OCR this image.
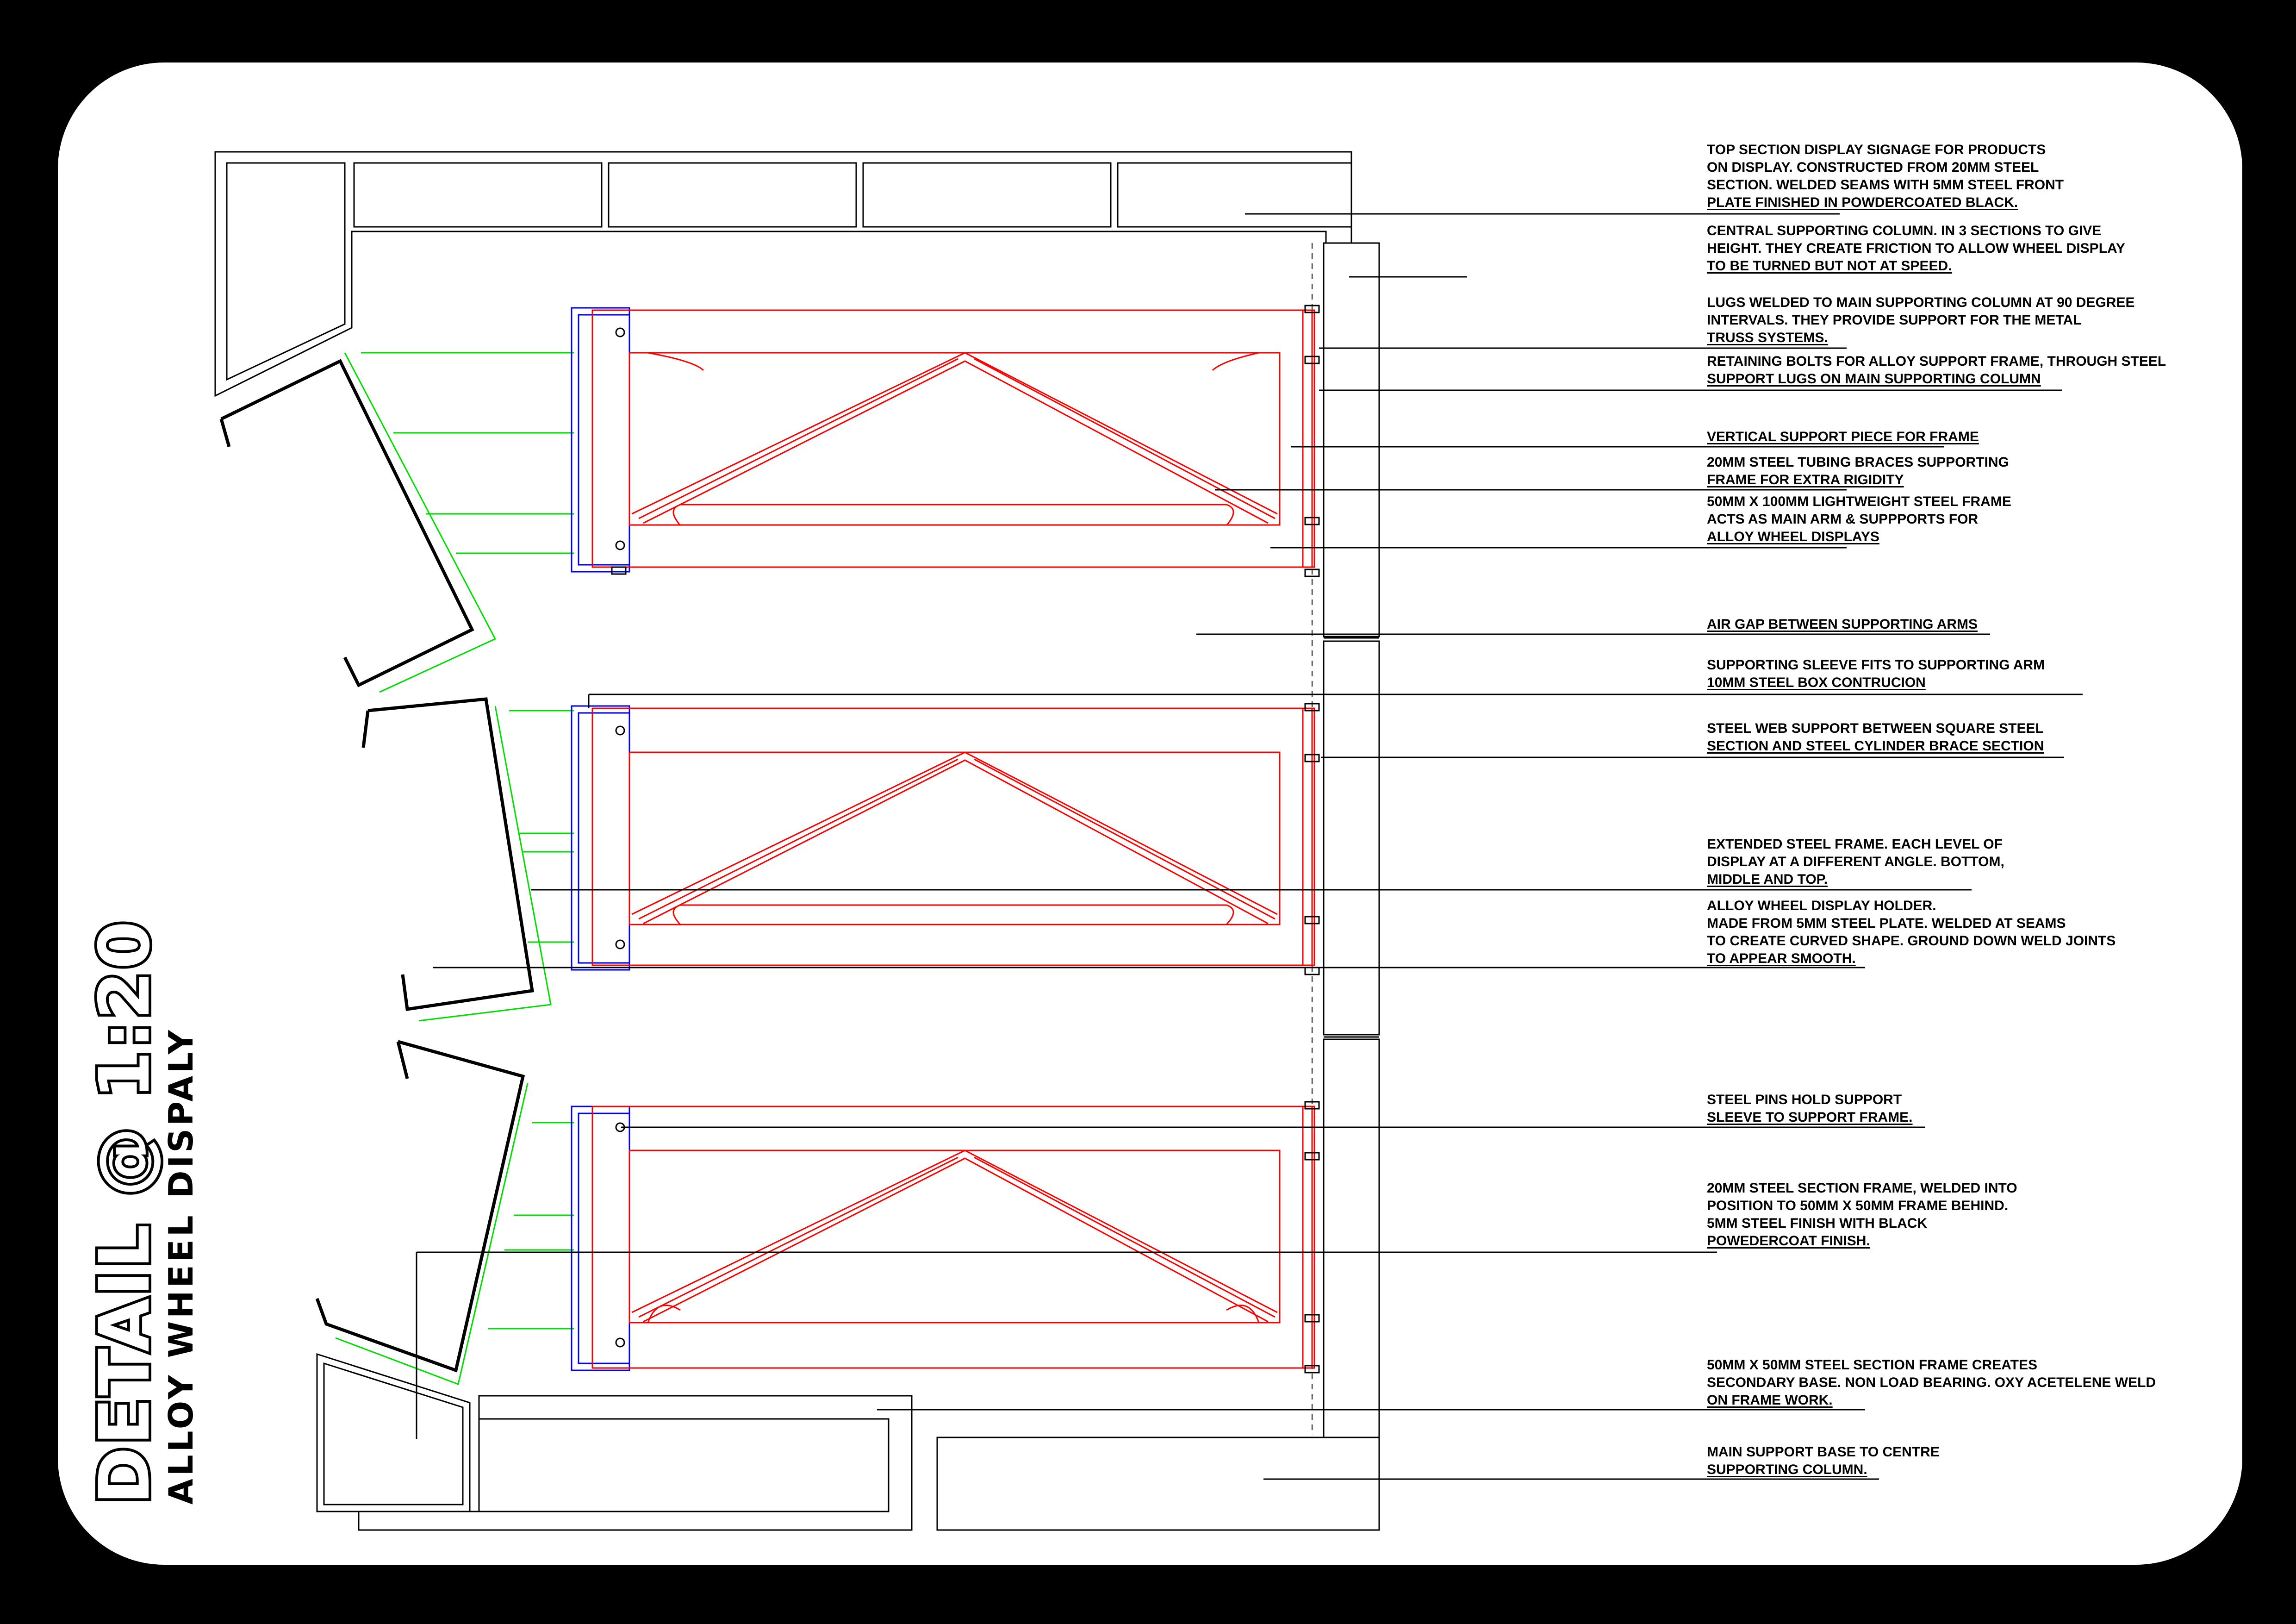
DETAIL @ 1:20
ALLOY WHEEL DISPALY
TOP SECTION DISPLAY SIGNAGE FOR PRODUCTS
ON DISPLAY. CONSTRUCTED FROM 20MM STEEL
SECTION. WELDED SEAMS WITH 5MM STEEL FRONT
PLATE FINISHED IN POWDERCOATED BLACK.
CENTRAL SUPPORTING COLUMN. IN 3 SECTIONS TO GIVE
HEIGHT. THEY CREATE FRICTION TO ALLOW WHEEL DISPLAY
TO BE TURNED BUT NOT AT SPEED.
LUGS WELDED TO MAIN SUPPORTING COLUMN AT 90 DEGREE
INTERVALS. THEY PROVIDE SUPPORT FOR THE METAL
TRUSS SYSTEMS.
RETAINING BOLTS FOR ALLOY SUPPORT FRAME, THROUGH STEEL
SUPPORT LUGS ON MAIN SUPPORTING COLUMN
VERTICAL SUPPORT PIECE FOR FRAME
20MM STEEL TUBING BRACES SUPPORTING
FRAME FOR EXTRA RIGIDITY
50MM X 100MM LIGHTWEIGHT STEEL FRAME
ACTS AS MAIN ARM & SUPPPORTS FOR
ALLOY WHEEL DISPLAYS
AIR GAP BETWEEN SUPPORTING ARMS
SUPPORTING SLEEVE FITS TO SUPPORTING ARM
10MM STEEL BOX CONTRUCION
STEEL WEB SUPPORT BETWEEN SQUARE STEEL
SECTION AND STEEL CYLINDER BRACE SECTION
EXTENDED STEEL FRAME. EACH LEVEL OF
DISPLAY AT A DIFFERENT ANGLE. BOTTOM,
MIDDLE AND TOP.
ALLOY WHEEL DISPLAY HOLDER.
MADE FROM 5MM STEEL PLATE. WELDED AT SEAMS
TO CREATE CURVED SHAPE. GROUND DOWN WELD JOINTS
TO APPEAR SMOOTH.
STEEL PINS HOLD SUPPORT
SLEEVE TO SUPPORT FRAME.
20MM STEEL SECTION FRAME, WELDED INTO
POSITION TO 50MM X 50MM FRAME BEHIND.
5MM STEEL FINISH WITH BLACK
POWEDERCOAT FINISH.
50MM X 50MM STEEL SECTION FRAME CREATES
SECONDARY BASE. NON LOAD BEARING. OXY ACETELENE WELD
ON FRAME WORK.
MAIN SUPPORT BASE TO CENTRE
SUPPORTING COLUMN.
